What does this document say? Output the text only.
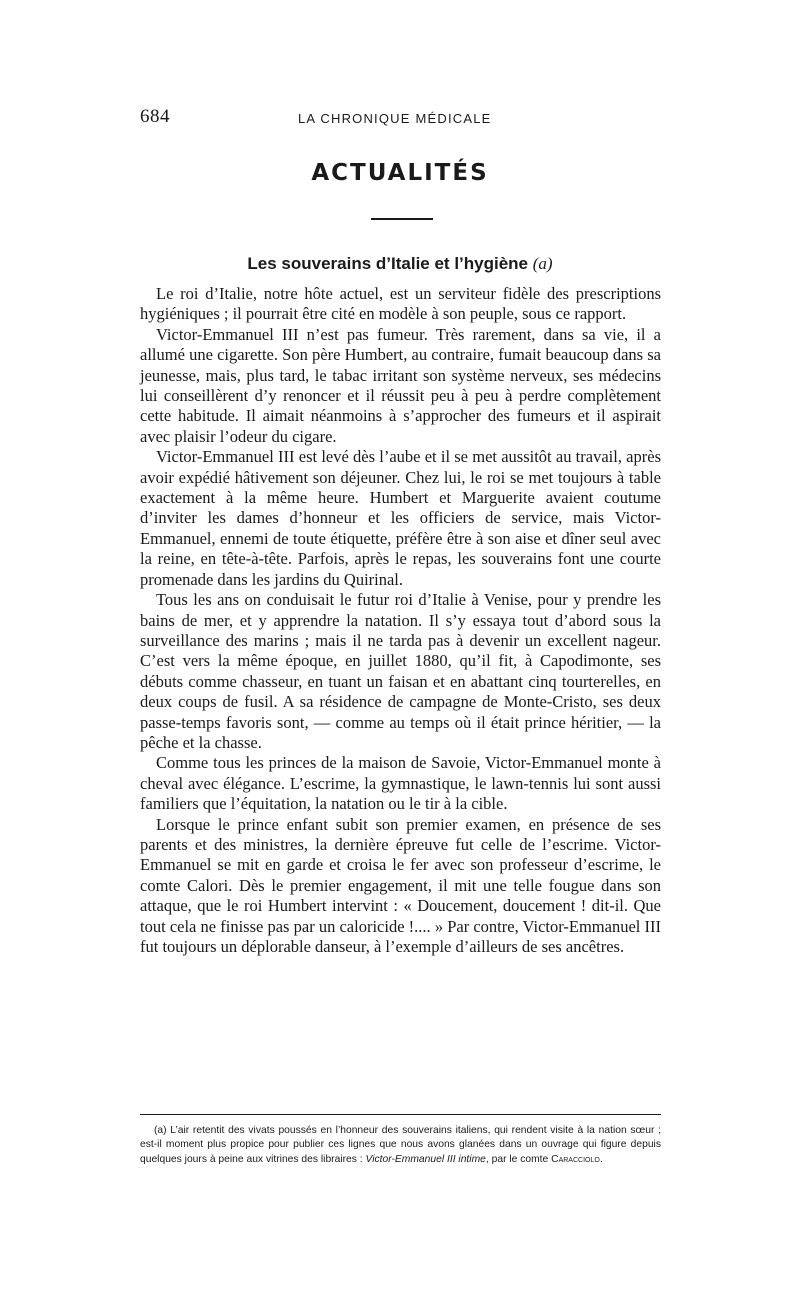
684	LA CHRONIQUE MÉDICALE
ACTUALITÉS
Les souverains d’Italie et l’hygiène (a)

Le roi d’Italie, notre hôte actuel, est un serviteur fidèle des prescriptions hygiéniques ; il pourrait être cité en modèle à son peuple, sous ce rapport.

Victor-Emmanuel III n’est pas fumeur. Très rarement, dans sa vie, il a allumé une cigarette. Son père Humbert, au contraire, fumait beaucoup dans sa jeunesse, mais, plus tard, le tabac irritant son système nerveux, ses médecins lui conseillèrent d’y renoncer et il réussit peu à peu à perdre complètement cette habitude. Il aimait néanmoins à s’approcher des fumeurs et il aspirait avec plaisir l’odeur du cigare.

Victor-Emmanuel III est levé dès l’aube et il se met aussitôt au travail, après avoir expédié hâtivement son déjeuner. Chez lui, le roi se met toujours à table exactement à la même heure. Humbert et Marguerite avaient coutume d’inviter les dames d’honneur et les officiers de service, mais Victor-Emmanuel, ennemi de toute étiquette, préfère être à son aise et dîner seul avec la reine, en tête-à-tête. Parfois, après le repas, les souverains font une courte promenade dans les jardins du Quirinal.

Tous les ans on conduisait le futur roi d’Italie à Venise, pour y prendre les bains de mer, et y apprendre la natation. Il s’y essaya tout d’abord sous la surveillance des marins ; mais il ne tarda pas à devenir un excellent nageur. C’est vers la même époque, en juillet 1880, qu’il fit, à Capodimonte, ses débuts comme chasseur, en tuant un faisan et en abattant cinq tourterelles, en deux coups de fusil. A sa résidence de campagne de Monte-Cristo, ses deux passe-temps favoris sont, — comme au temps où il était prince héritier, — la pêche et la chasse.

Comme tous les princes de la maison de Savoie, Victor-Emmanuel monte à cheval avec élégance. L’escrime, la gymnastique, le lawn-tennis lui sont aussi familiers que l’équitation, la natation ou le tir à la cible.

Lorsque le prince enfant subit son premier examen, en présence de ses parents et des ministres, la dernière épreuve fut celle de l’escrime. Victor-Emmanuel se mit en garde et croisa le fer avec son professeur d’escrime, le comte Calori. Dès le premier engagement, il mit une telle fougue dans son attaque, que le roi Humbert intervint : « Doucement, doucement ! dit-il. Que tout cela ne finisse pas par un caloricide !.... » Par contre, Victor-Emmanuel III fut toujours un déplorable danseur, à l’exemple d’ailleurs de ses ancêtres.

(a) L’air retentit des vivats poussés en l’honneur des souverains italiens, qui rendent visite à la nation sœur ; est-il moment plus propice pour publier ces lignes que nous avons glanées dans un ouvrage qui figure depuis quelques jours à peine aux vitrines des libraires : Victor-Emmanuel III intime, par le comte Caracciolo.
